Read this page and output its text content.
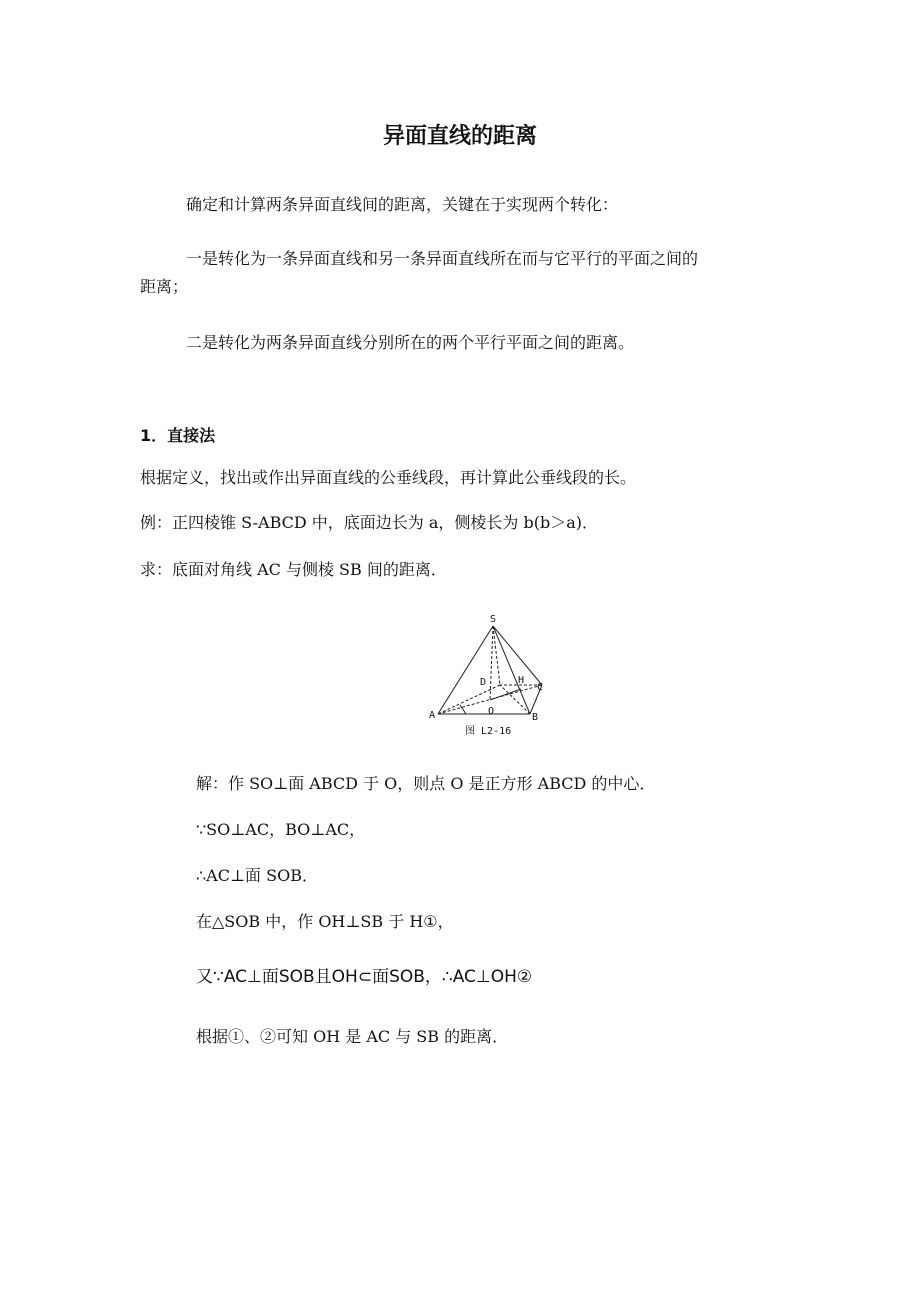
异面直线的距离
确定和计算两条异面直线间的距离，关键在于实现两个转化：
一是转化为一条异面直线和另一条异面直线所在而与它平行的平面之间的
距离；
二是转化为两条异面直线分别所在的两个平行平面之间的距离。
1．直接法
根据定义，找出或作出异面直线的公垂线段，再计算此公垂线段的长。
例：正四棱锥 S-ABCD 中，底面边长为 a，侧棱长为 b(b＞a)．
求：底面对角线 AC 与侧棱 SB 间的距离．
S
A	B
C
D
O
H
图 L2-16
解：作 SO⊥面 ABCD 于 O，则点 O 是正方形 ABCD 的中心．
∵SO⊥AC，BO⊥AC，
∴AC⊥面 SOB．
在△SOB 中，作 OH⊥SB 于 H①，
又∵AC⊥面SOB且OH⊂面SOB，∴AC⊥OH②
根据①、②可知 OH 是 AC 与 SB 的距离．
